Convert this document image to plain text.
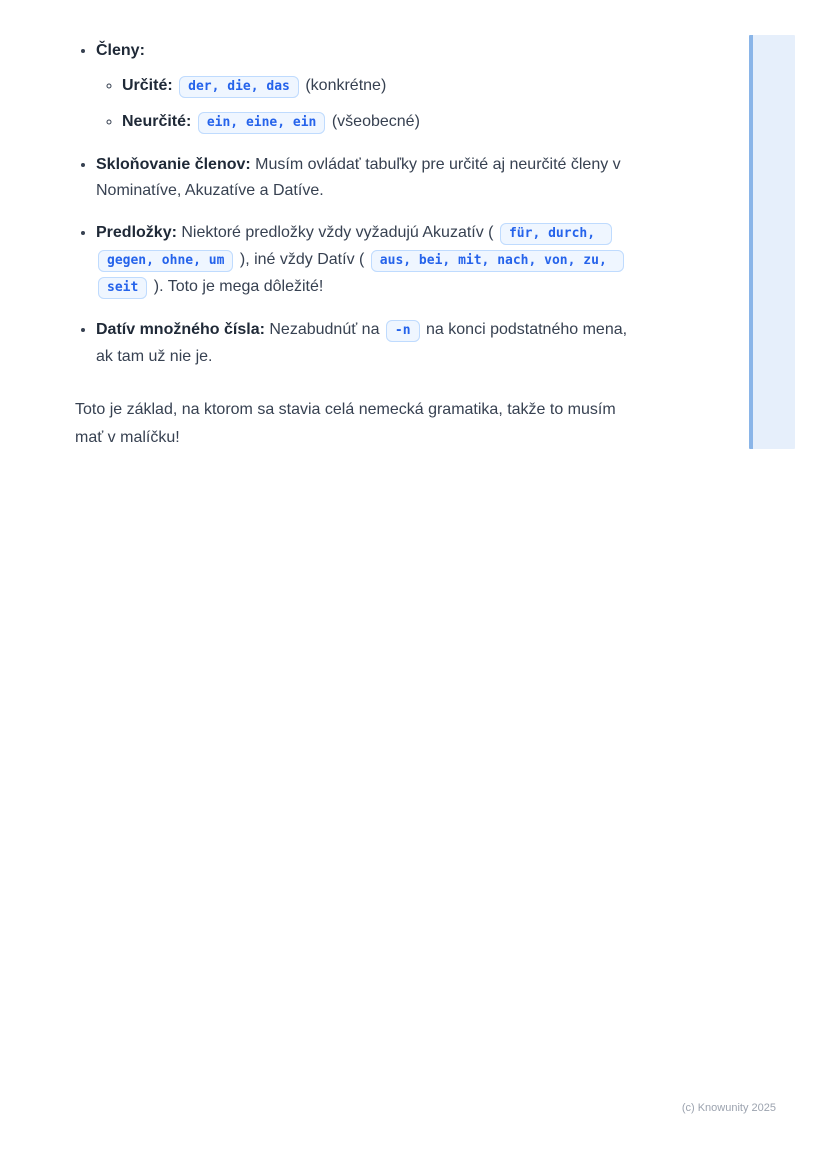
• Členy:
◦ Určité: der, die, das (konkrétne)
◦ Neurčité: ein, eine, ein (všeobecné)
• Skloňovanie členov: Musím ovládať tabuľky pre určité aj neurčité členy v Nominatíve, Akuzatíve a Datíve.
• Predložky: Niektoré predložky vždy vyžadujú Akuzatív ( für, durch, gegen, ohne, um ), iné vždy Datív ( aus, bei, mit, nach, von, zu, seit ). Toto je mega dôležité!
• Datív množného čísla: Nezabudnúť na -n na konci podstatného mena, ak tam už nie je.

Toto je základ, na ktorom sa stavia celá nemecká gramatika, takže to musím mať v malíčku!

(c) Knowunity 2025
